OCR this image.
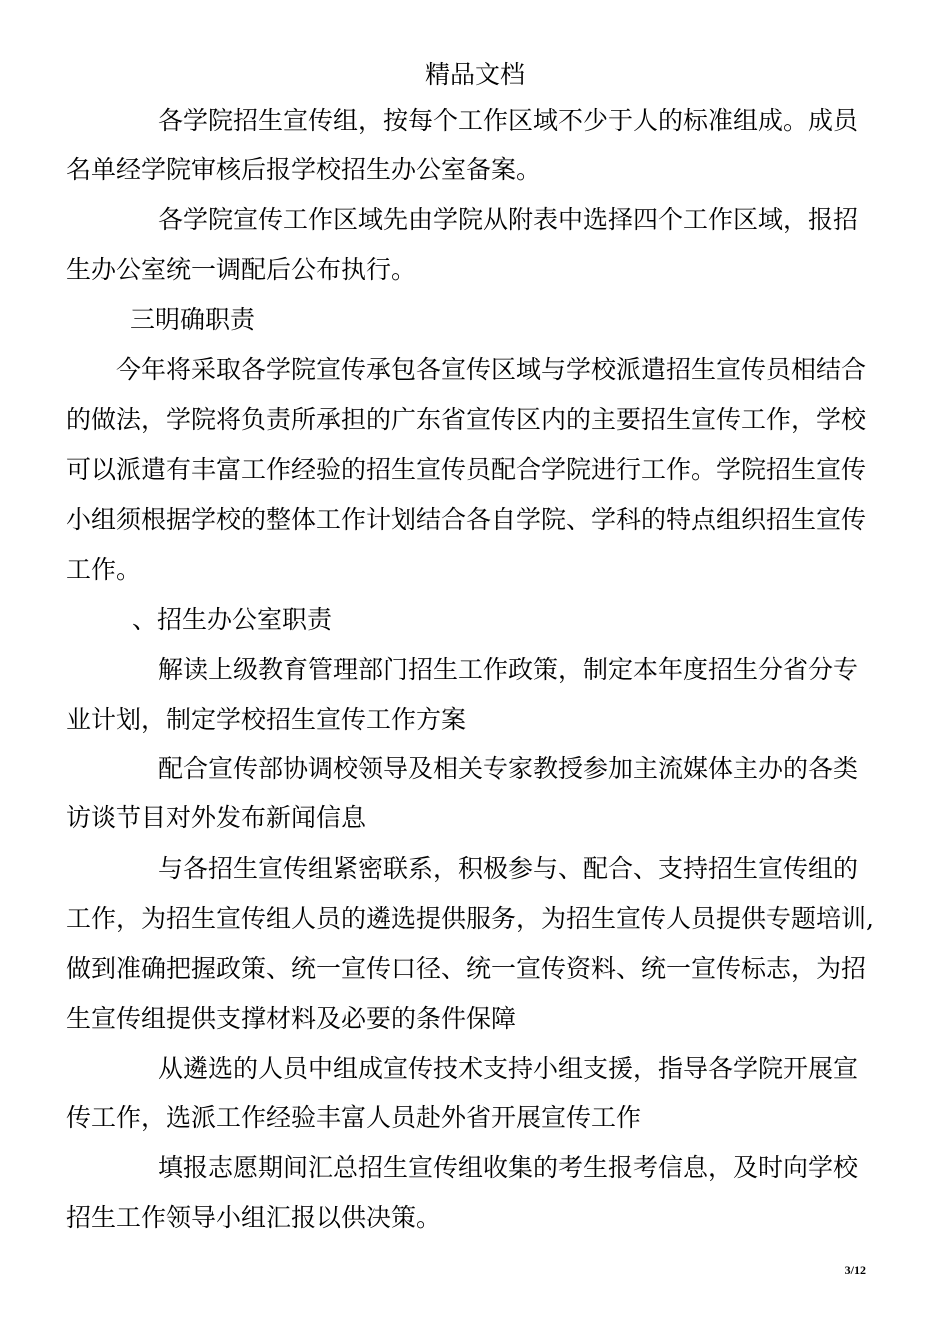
精品文档
各学院招生宣传组，按每个工作区域不少于人的标准组成。成员
名单经学院审核后报学校招生办公室备案。
各学院宣传工作区域先由学院从附表中选择四个工作区域，报招
生办公室统一调配后公布执行。
三明确职责
今年将采取各学院宣传承包各宣传区域与学校派遣招生宣传员相结合
的做法，学院将负责所承担的广东省宣传区内的主要招生宣传工作，学校
可以派遣有丰富工作经验的招生宣传员配合学院进行工作。学院招生宣传
小组须根据学校的整体工作计划结合各自学院、学科的特点组织招生宣传
工作。
、招生办公室职责
解读上级教育管理部门招生工作政策，制定本年度招生分省分专
业计划，制定学校招生宣传工作方案
配合宣传部协调校领导及相关专家教授参加主流媒体主办的各类
访谈节目对外发布新闻信息
与各招生宣传组紧密联系，积极参与、配合、支持招生宣传组的
工作，为招生宣传组人员的遴选提供服务，为招生宣传人员提供专题培训,
做到准确把握政策、统一宣传口径、统一宣传资料、统一宣传标志，为招
生宣传组提供支撑材料及必要的条件保障
从遴选的人员中组成宣传技术支持小组支援，指导各学院开展宣
传工作，选派工作经验丰富人员赴外省开展宣传工作
填报志愿期间汇总招生宣传组收集的考生报考信息，及时向学校
招生工作领导小组汇报以供决策。
3/12
